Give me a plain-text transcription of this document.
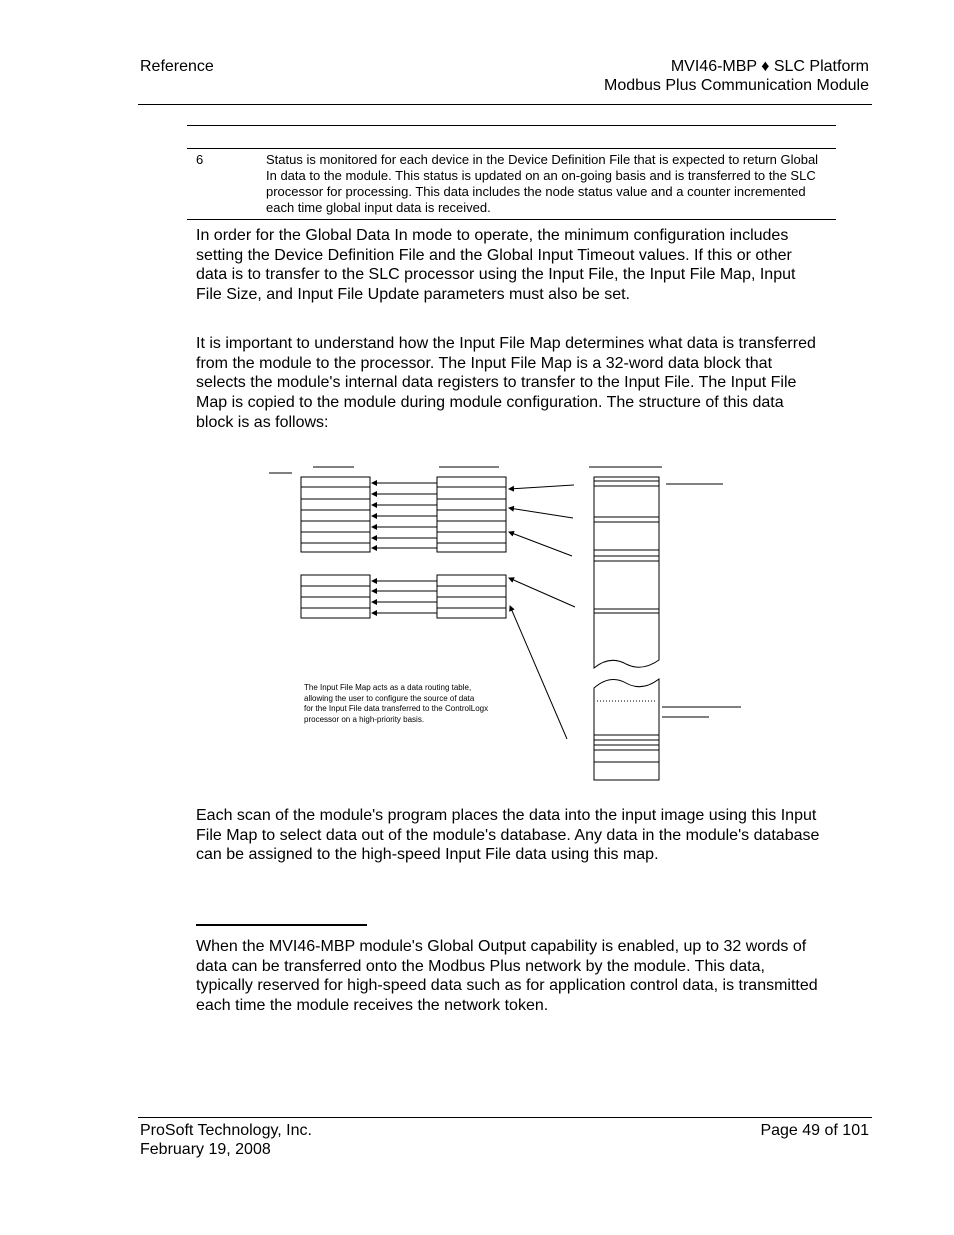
Reference	MVI46-MBP ♦ SLC Platform
Modbus Plus Communication Module
6	Status is monitored for each device in the Device Definition File that is expected to return Global In data to the module. This status is updated on an on-going basis and is transferred to the SLC processor for processing. This data includes the node status value and a counter incremented each time global input data is received.
In order for the Global Data In mode to operate, the minimum configuration includes setting the Device Definition File and the Global Input Timeout values. If this or other data is to transfer to the SLC processor using the Input File, the Input File Map, Input File Size, and Input File Update parameters must also be set.
It is important to understand how the Input File Map determines what data is transferred from the module to the processor. The Input File Map is a 32-word data block that selects the module's internal data registers to transfer to the Input File. The Input File Map is copied to the module during module configuration. The structure of this data block is as follows:
The Input File Map acts as a data routing table,
allowing the user to configure the source of data
for the Input File data transferred to the ControlLogx
processor on a high-priority basis.
Each scan of the module's program places the data into the input image using this Input File Map to select data out of the module's database. Any data in the module's database can be assigned to the high-speed Input File data using this map.
When the MVI46-MBP module's Global Output capability is enabled, up to 32 words of data can be transferred onto the Modbus Plus network by the module. This data, typically reserved for high-speed data such as for application control data, is transmitted each time the module receives the network token.
ProSoft Technology, Inc.
February 19, 2008
Page 49 of 101
